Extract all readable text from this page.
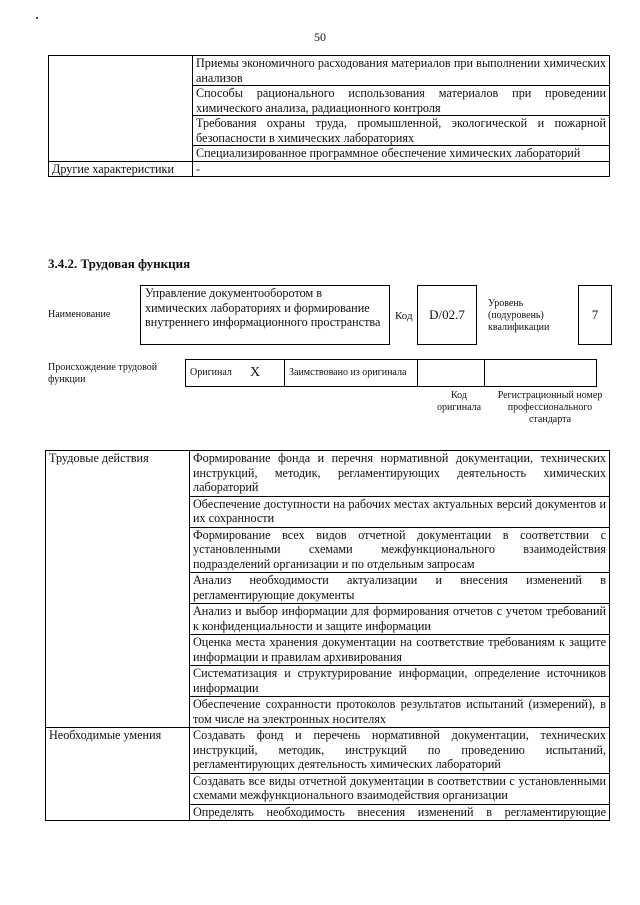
50
	Приемы экономичного расходования материалов при выполнении химических анализов
	Способы рационального использования материалов при проведении химического анализа, радиационного контроля
	Требования охраны труда, промышленной, экологической и пожарной безопасности в химических лабораториях
	Специализированное программное обеспечение химических лабораторий
Другие характеристики	-
3.4.2. Трудовая функция
Наименование
Управление документооборотом в химических лабораториях и формирование внутреннего информационного пространства	Код	D/02.7
Уровень (подуровень) квалификации
7
Происхождение трудовой функции
Оригинал	X	Заимствовано из оригинала		
Код оригинала
Регистрационный номер профессионального стандарта
Трудовые действия	Формирование фонда и перечня нормативной документации, технических инструкций, методик, регламентирующих деятельность химических лабораторий
	Обеспечение доступности на рабочих местах актуальных версий документов и их сохранности
	Формирование всех видов отчетной документации в соответствии с установленными схемами межфункционального взаимодействия подразделений организации и по отдельным запросам
	Анализ необходимости актуализации и внесения изменений в регламентирующие документы
	Анализ и выбор информации для формирования отчетов с учетом требований к конфиденциальности и защите информации
	Оценка места хранения документации на соответствие требованиям к защите информации и правилам архивирования
	Систематизация и структурирование информации, определение источников информации
	Обеспечение сохранности протоколов результатов испытаний (измерений), в том числе на электронных носителях
Необходимые умения	Создавать фонд и перечень нормативной документации, технических инструкций, методик, инструкций по проведению испытаний, регламентирующих деятельность химических лабораторий
	Создавать все виды отчетной документации в соответствии с установленными схемами межфункционального взаимодействия организации
	Определять необходимость внесения изменений в регламентирующие
